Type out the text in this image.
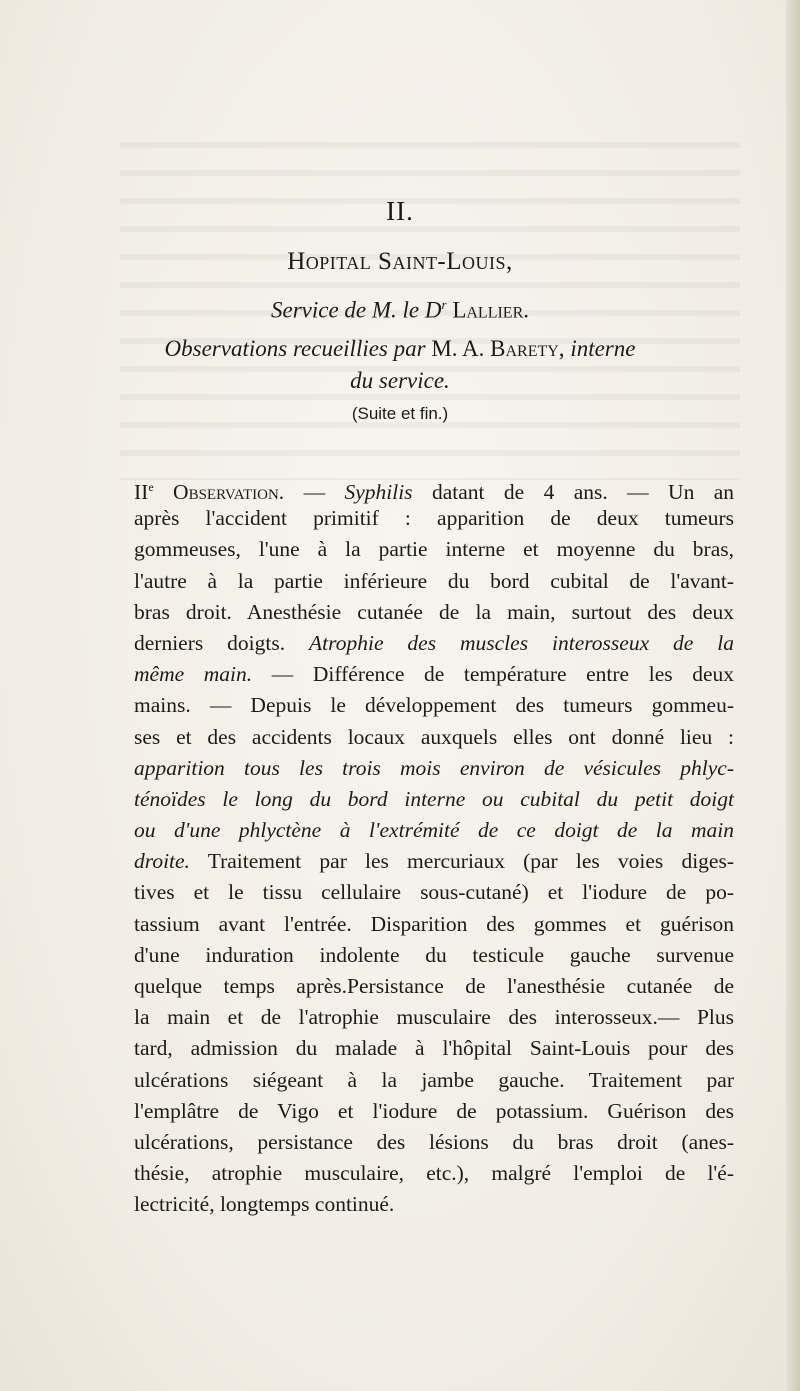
II.
Hopital Saint-Louis,
Service de M. le $D^r$ Lallier.
Observations recueillies par M. A. Barety, interne
du service.
(Suite et fin.)
IIe Observation. — Syphilis datant de 4 ans. — Un an
après l'accident primitif : apparition de deux tumeurs
gommeuses, l'une à la partie interne et moyenne du bras,
l'autre à la partie inférieure du bord cubital de l'avant-
bras droit. Anesthésie cutanée de la main, surtout des deux
derniers doigts. Atrophie des muscles interosseux de la
même main. — Différence de température entre les deux
mains. — Depuis le développement des tumeurs gommeu-
ses et des accidents locaux auxquels elles ont donné lieu :
apparition tous les trois mois environ de vésicules phlyc-
ténoïdes le long du bord interne ou cubital du petit doigt
ou d'une phlyctène à l'extrémité de ce doigt de la main
droite. Traitement par les mercuriaux (par les voies diges-
tives et le tissu cellulaire sous-cutané) et l'iodure de po-
tassium avant l'entrée. Disparition des gommes et guérison
d'une induration indolente du testicule gauche survenue
quelque temps après.Persistance de l'anesthésie cutanée de
la main et de l'atrophie musculaire des interosseux.— Plus
tard, admission du malade à l'hôpital Saint-Louis pour des
ulcérations siégeant à la jambe gauche. Traitement par
l'emplâtre de Vigo et l'iodure de potassium. Guérison des
ulcérations, persistance des lésions du bras droit (anes-
thésie, atrophie musculaire, etc.), malgré l'emploi de l'é-
lectricité, longtemps continué.
